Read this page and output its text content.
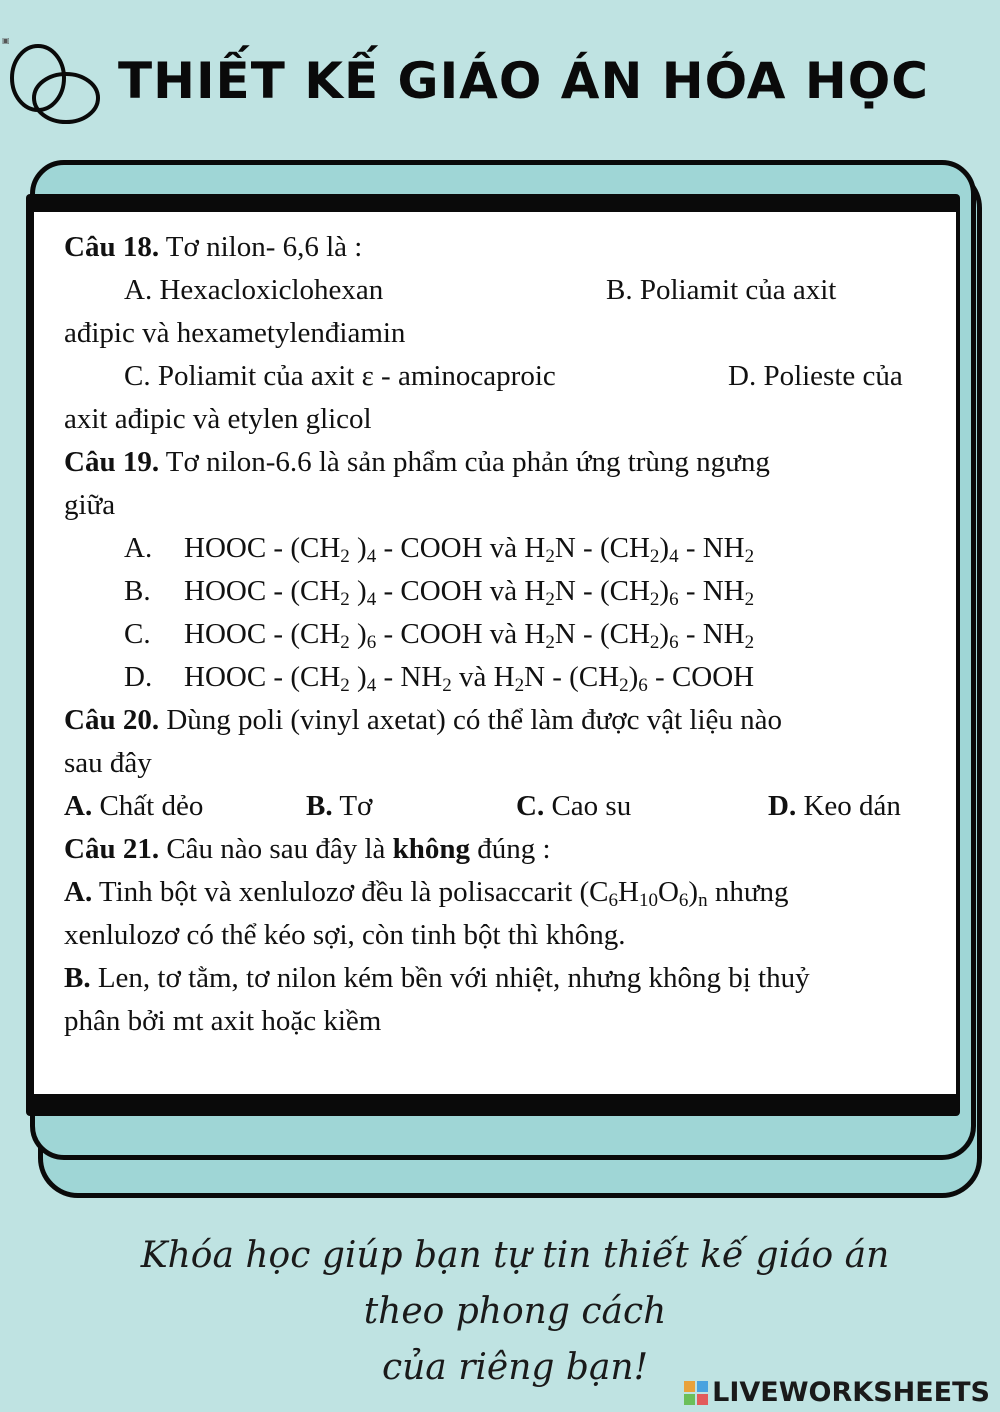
▣
THIẾT KẾ GIÁO ÁN HÓA HỌC

Câu 18. Tơ nilon- 6,6 là :

A. Hexacloxiclohexan	B. Poliamit của axit

ađipic và hexametylenđiamin

C. Poliamit của axit ε - aminocaproic	D. Polieste của

axit ađipic và etylen glicol

Câu 19. Tơ nilon-6.6 là sản phẩm của phản ứng trùng ngưng

giữa

A.	HOOC - ($CH_2$ )$_4$ - COOH và $H_2N - (CH_2)_4 - NH_2$

B.	HOOC - ($CH_2$ )$_4$ - COOH và $H_2N - (CH_2)_6 - NH_2$

C.	HOOC - ($CH_2$ )$_6$ - COOH và $H_2N - (CH_2)_6 - NH_2$

D.	HOOC - ($CH_2$ )$_4 - NH_2$ và $H_2N - (CH_2)_6$ - COOH

Câu 20. Dùng poli (vinyl axetat) có thể làm được vật liệu nào

sau đây

A. Chất dẻo	B. Tơ	C. Cao su	D. Keo dán

Câu 21. Câu nào sau đây là không đúng :

A. Tinh bột và xenlulozơ đều là polisaccarit $(C_6H_{10}O_6)_n$ nhưng

xenlulozơ có thể kéo sợi, còn tinh bột thì không.

B. Len, tơ tằm, tơ nilon kém bền với nhiệt, nhưng không bị thuỷ

phân bởi mt axit hoặc kiềm

Khóa học giúp bạn tự tin thiết kế giáo án theo phong cách
của riêng bạn!
LIVEWORKSHEETS
